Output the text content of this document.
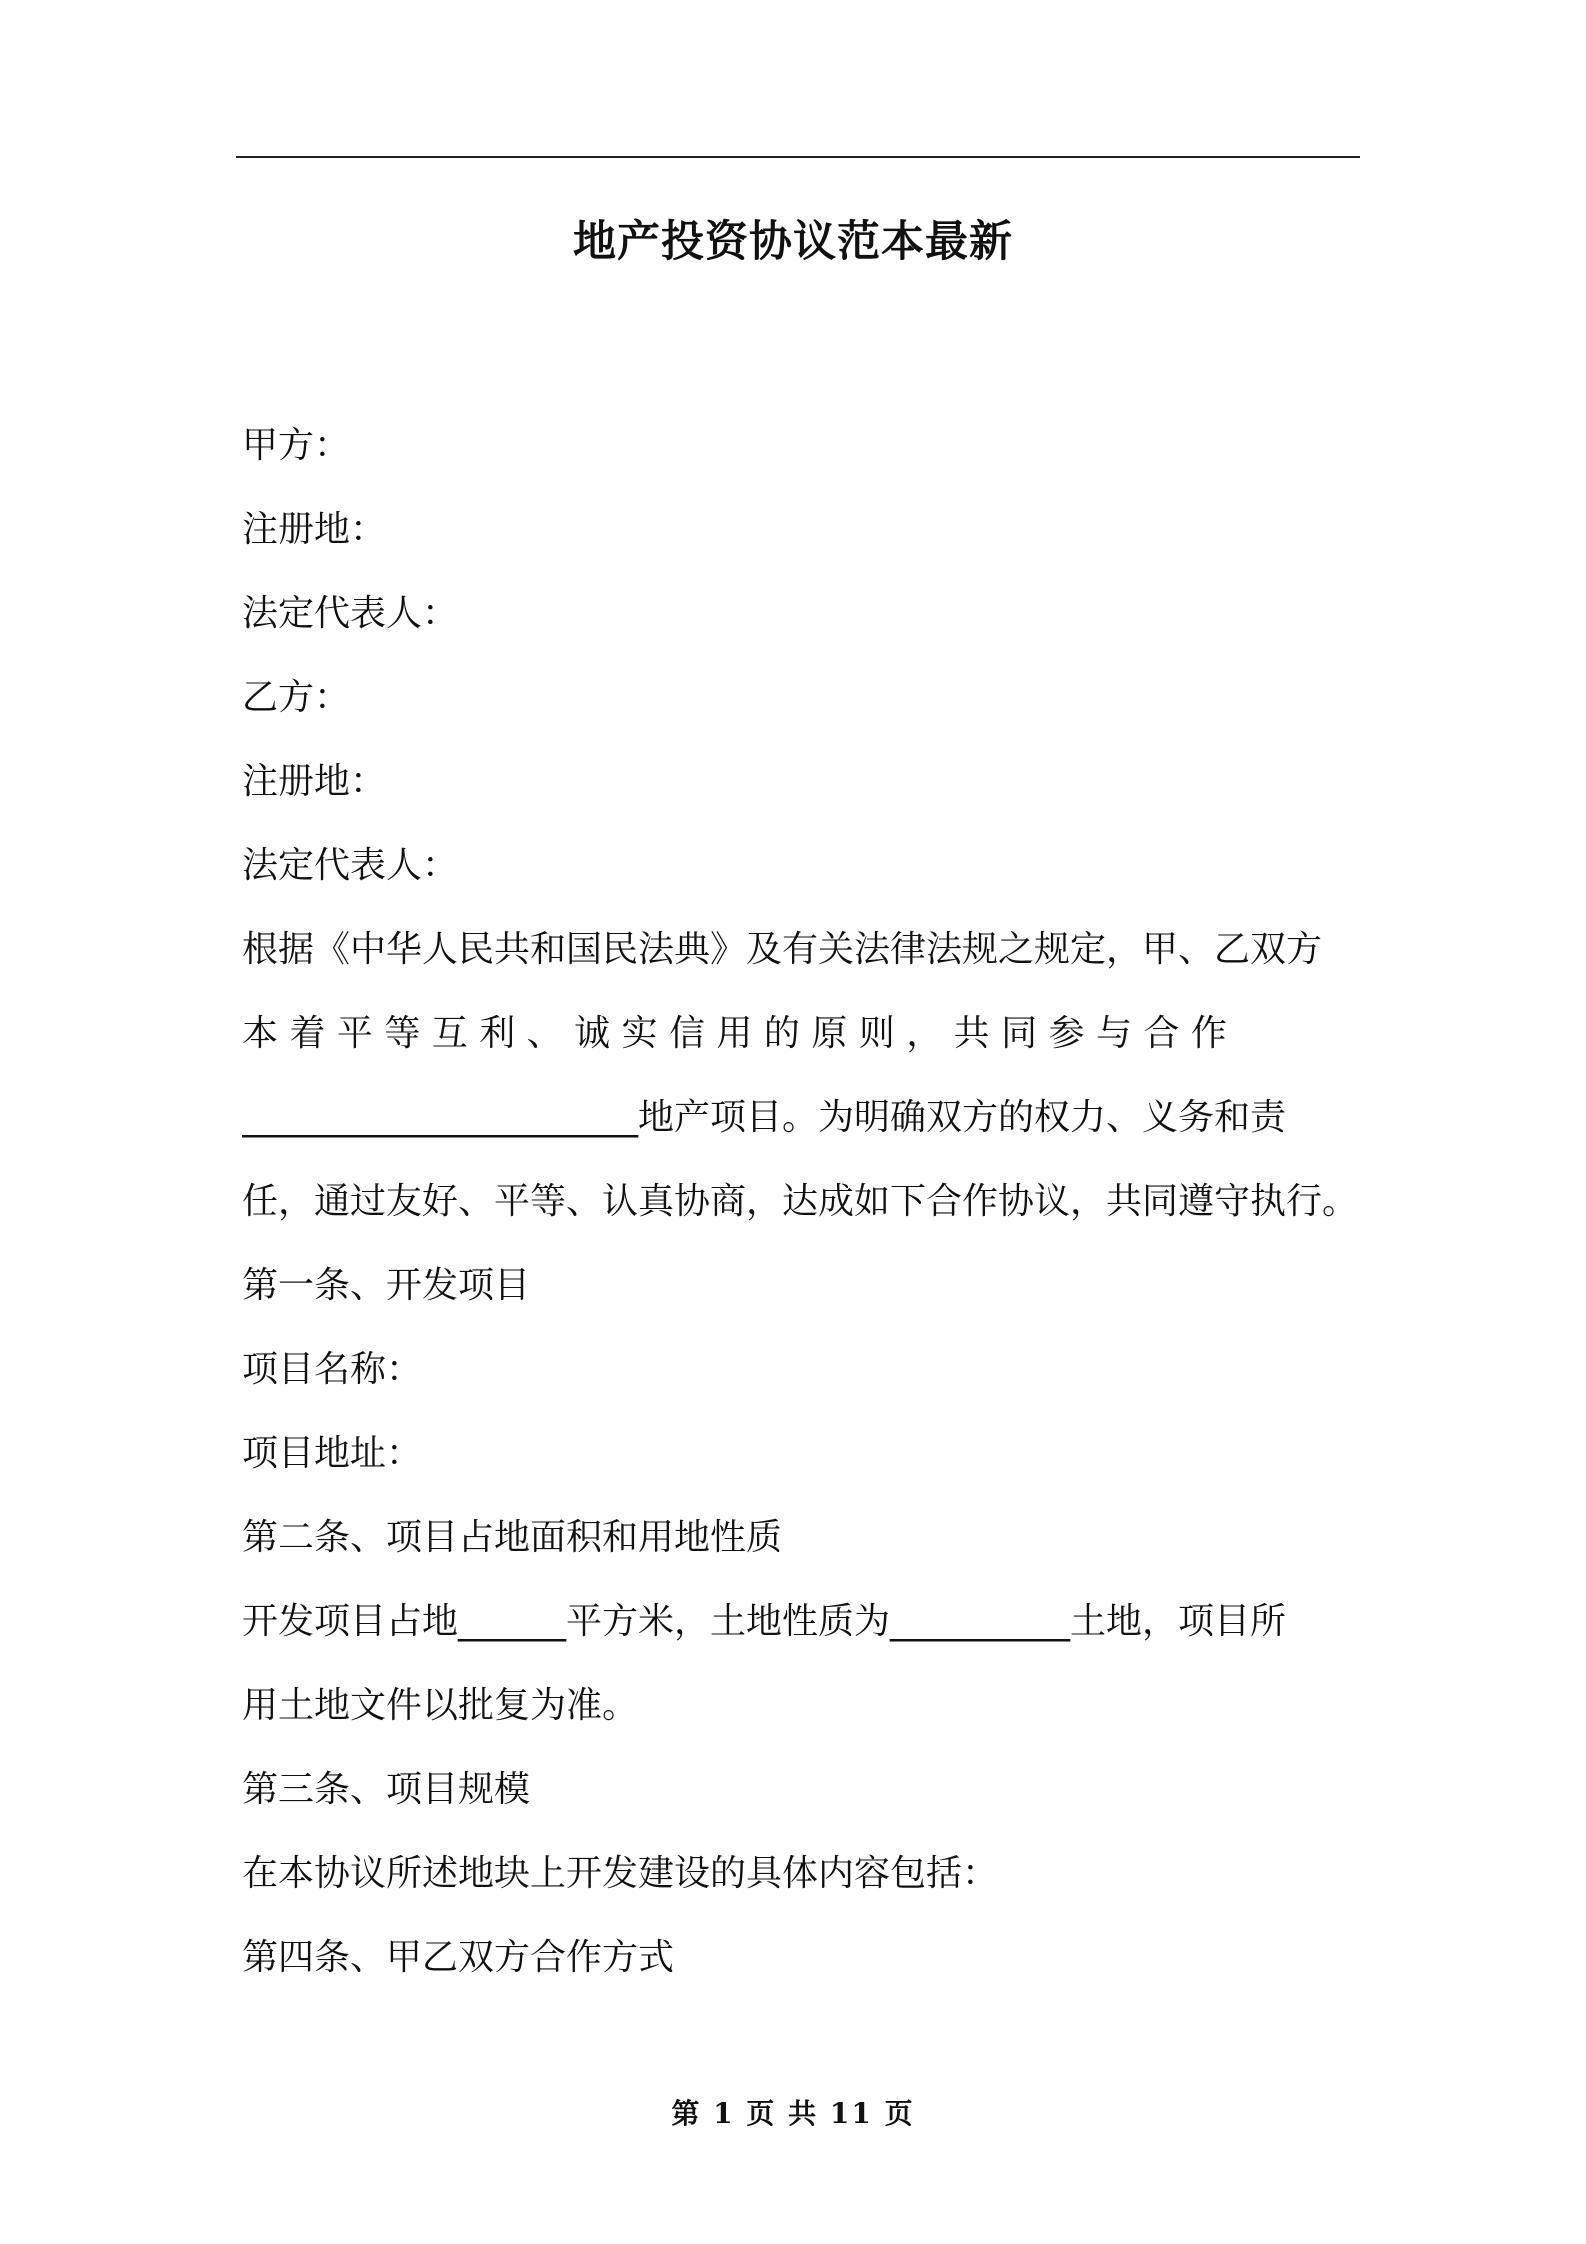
地产投资协议范本最新
甲方：
注册地：
法定代表人：
乙方：
注册地：
法定代表人：
根据《中华人民共和国民法典》及有关法律法规之规定，甲、乙双方
本 着 平 等 互 利 、 诚 实 信 用 的 原 则 ， 共 同 参 与 合 作
______________________地产项目。为明确双方的权力、义务和责
任，通过友好、平等、认真协商，达成如下合作协议，共同遵守执行。
第一条、开发项目
项目名称：
项目地址：
第二条、项目占地面积和用地性质
开发项目占地______平方米，土地性质为__________土地，项目所
用土地文件以批复为准。
第三条、项目规模
在本协议所述地块上开发建设的具体内容包括：
第四条、甲乙双方合作方式
第 1 页 共 11 页
